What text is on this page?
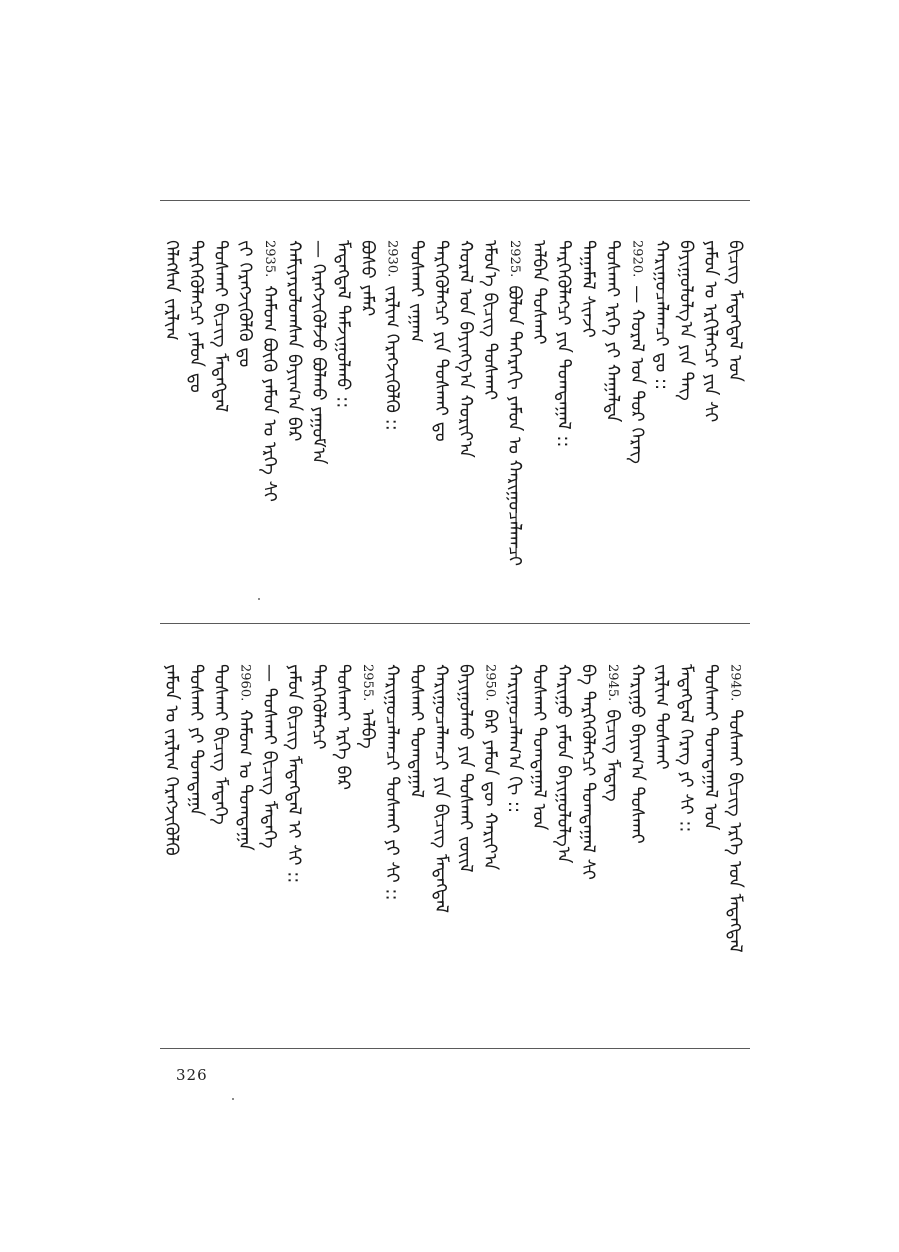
ᠬᠡᠯᠡᠭᠰᠡᠨ ᠵᠠᠷᠯᠢᠭ ᠲᠡᠷᠭᠡᠭᠦᠯᠡᠭᠴᠢ ᠶᠠᠮᠤᠨ ᠳᠤ ᠲᠤᠰᠬᠠᠢ ᠪᠢᠴᠢᠭ ᠮᠡᠳᠡᠭᠳᠡᠯ ᠵᠢ ᠬᠡᠷᠡᠭᠵᠢᠭᠦᠯᠬᠦ ᠳᠤ 2935.ᠬᠠᠮᠤᠭ ᠪᠦᠬᠦ ᠶᠠᠮᠤᠨ ᠤ ᠡᠷᠬᠡ ᠰᠢ ᠬᠠᠮᠢᠶᠠᠷᠤᠯᠤᠭᠰᠠᠨ ᠪᠠᠶᠢᠭ᠎ᠠ ᠪᠠᠷ — ᠬᠡᠷᠡᠭᠵᠢᠭᠦᠯᠵᠦ ᠪᠣᠯᠬᠤ ᠶᠠᠭᠤᠮ᠎ᠠ ᠮᠡᠳᠡᠭᠳᠡᠯ ᠳᠠᠮᠵᠢᠭᠤᠯᠬᠤ :: ᠪᠤᠰᠤ ᠶᠠᠮᠠᠷ 2930.ᠵᠠᠷᠯᠢᠭ ᠬᠡᠷᠡᠭᠵᠢᠭᠦᠯᠬᠦ :: ᠲᠤᠰᠬᠠᠢ ᠵᠠᠭᠠᠭ ᠲᠡᠷᠭᠡᠭᠦᠯᠡᠭᠴᠢ ᠶᠢᠨ ᠲᠤᠰᠬᠠᠢ ᠳᠤ ᠬᠤᠷᠠᠯ ᠤᠨ ᠪᠠᠶᠢᠩᠭ᠎ᠠ ᠬᠣᠷᠢᠶ᠎ᠠ ᠡᠮᠦᠨ᠎ᠡ ᠪᠢᠴᠢᠭ ᠲᠤᠰᠬᠠᠢ 2925.ᠪᠣᠯᠤᠨ ᠳᠡᠭᠡᠷᠡᠬᠢ ᠶᠠᠮᠤᠨ ᠤ ᠬᠠᠷᠢᠭᠤᠴᠠᠯᠠᠭᠴᠢ ᠠᠯᠪᠠᠨ ᠲᠤᠰᠬᠠᠢ ᠲᠡᠷᠭᠡᠭᠦᠯᠡᠭᠴᠢ ᠶᠢᠨ ᠲᠣᠭᠲᠠᠭᠠᠯ :: ᠲᠠᠭᠠᠮᠠᠯ ᠰᠢᠨᠵᠢ ᠲᠤᠰᠬᠠᠢ ᠡᠷᠬᠡ ᠶᠢ ᠬᠠᠭᠠᠯᠲᠠ 2920.— ᠬᠤᠷᠠᠯ ᠤᠨ ᠲᠤᠷ ᠬᠡᠷᠡᠭ ᠬᠠᠷᠢᠭᠤᠴᠠᠯᠠᠭᠴᠢ ᠳᠤ :: ᠪᠠᠶᠢᠭᠤᠯᠤᠯᠭ᠎ᠠ ᠶᠢᠨ ᠳᠡᠭ ᠶᠠᠮᠤᠨ ᠤ ᠡᠷᠬᠢᠯᠡᠭᠴᠢ ᠶᠢᠨ ᠰᠢ ᠪᠢᠴᠢᠭ ᠮᠡᠳᠡᠭᠳᠡᠯ ᠤᠨ
ᠶᠠᠮᠤᠨ ᠤ ᠵᠠᠷᠯᠢᠭ ᠬᠡᠷᠡᠭᠵᠢᠭᠦᠯᠬᠦ ᠳᠤᠰᠬᠠᠢ ᠶᠢ ᠲᠣᠭᠲᠠᠭᠠ ᠲᠤᠰᠬᠠᠢ ᠪᠢᠴᠢᠭ ᠮᠡᠳᠡᠭᠡ 2960.ᠬᠠᠮᠤᠭ ᠤ ᠲᠣᠭᠲᠠᠭᠠ — ᠲᠤᠰᠬᠠᠢ ᠪᠢᠴᠢᠭ ᠮᠡᠳᠡᠭᠡ ᠶᠠᠮᠤᠨ ᠪᠢᠴᠢᠭ ᠮᠡᠳᠡᠭᠳᠡᠯ ᠢ ᠰᠢ :: ᠲᠡᠷᠭᠡᠭᠦᠯᠡᠭᠴᠢ ᠲᠤᠰᠬᠠᠢ ᠡᠷᠬᠡ ᠪᠠᠷ 2955.ᠠᠯᠪᠠ ᠬᠠᠷᠢᠭᠤᠴᠠᠯᠠᠭᠴᠢ ᠲᠤᠰᠬᠠᠢ ᠶᠢ ᠰᠢ :: ᠲᠤᠰᠬᠠᠢ ᠲᠣᠭᠲᠠᠭᠠᠯ ᠬᠠᠷᠢᠭᠤᠴᠠᠯᠠᠭᠴᠢ ᠶᠢᠨ ᠪᠢᠴᠢᠭ ᠮᠡᠳᠡᠭᠳᠡᠯ ᠪᠠᠶᠢᠭᠤᠯᠬᠤ ᠶᠢᠨ ᠲᠤᠰᠬᠠᠢ ᠵᠦᠢᠯ 2950.ᠪᠠᠷ ᠶᠠᠮᠤᠨ ᠳᠦ ᠬᠠᠷᠢᠶ᠎ᠠ ᠬᠠᠷᠢᠭᠤᠴᠠᠯᠠᠭ᠎ᠠ ᠬᠢ :: ᠲᠤᠰᠬᠠᠢ ᠲᠣᠭᠲᠠᠭᠠᠯ ᠤᠨ ᠬᠠᠷᠢᠭᠤ ᠶᠠᠮᠤᠨ ᠪᠠᠶᠢᠭᠤᠯᠤᠯᠭ᠎ᠠ ᠪᠠ ᠲᠡᠷᠭᠡᠭᠦᠯᠡᠭᠴᠢ ᠲᠣᠭᠲᠠᠭᠠᠯ ᠰᠢ 2945.ᠪᠢᠴᠢᠭ ᠮᠡᠳᠡᠭ ᠬᠠᠷᠢᠭᠤ ᠪᠠᠶᠢᠭ᠎ᠠ ᠲᠤᠰᠬᠠᠢ ᠵᠠᠷᠯᠢᠭ ᠲᠤᠰᠬᠠᠢ ᠮᠡᠳᠡᠭᠳᠡᠯ ᠬᠡᠷᠡᠭ ᠶᠢ ᠰᠢ :: ᠲᠤᠰᠬᠠᠢ ᠲᠣᠭᠲᠠᠭᠠᠯ ᠤᠨ 2940.ᠲᠤᠰᠬᠠᠢ ᠪᠢᠴᠢᠭ ᠡᠷᠬᠡ ᠤᠨ ᠮᠡᠳᠡᠭᠳᠡᠯ
326
